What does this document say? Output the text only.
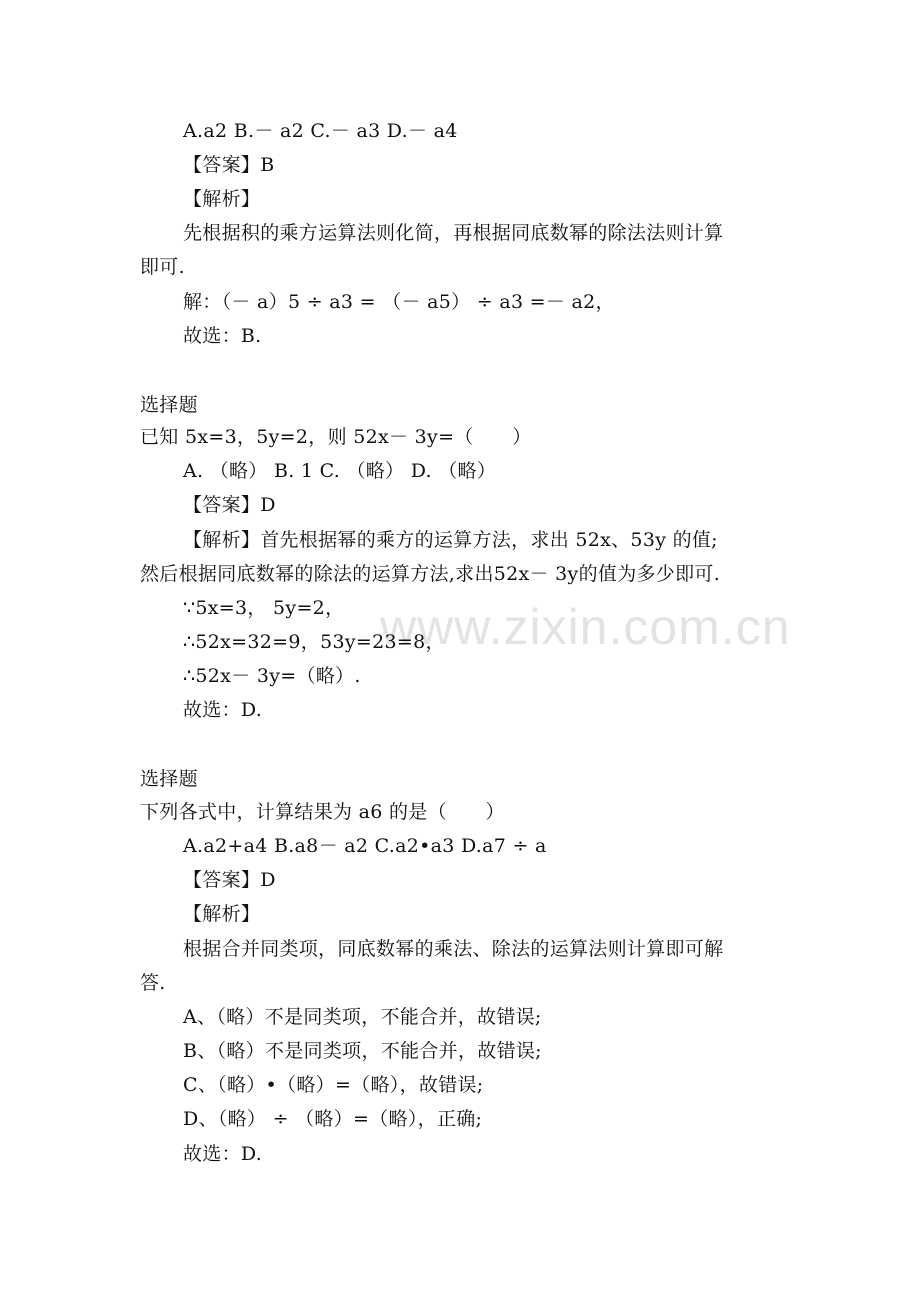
www.zixin.com.cn
A.a2 B.－ a2 C.－ a3 D.－ a4
【答案】B
【解析】
先根据积的乘方运算法则化简，再根据同底数幂的除法法则计算
即可.
解：（－ a）5 ÷ a3 = （－ a5） ÷ a3 =－ a2，
故选：B.
选择题
已知 5x=3，5y=2，则 52x－ 3y=（　　）
A. （略） B. 1 C. （略） D. （略）
【答案】D
【解析】首先根据幂的乘方的运算方法，求出 52x、53y 的值;
然后根据同底数幂的除法的运算方法,求出52x－ 3y的值为多少即可.
∵5x=3， 5y=2，
∴52x=32=9，53y=23=8，
∴52x－ 3y=（略）.
故选：D.
选择题
下列各式中，计算结果为 a6 的是（　　）
A.a2+a4 B.a8－ a2 C.a2•a3 D.a7 ÷ a
【答案】D
【解析】
根据合并同类项，同底数幂的乘法、除法的运算法则计算即可解
答.
A、（略）不是同类项，不能合并，故错误;
B、（略）不是同类项，不能合并，故错误;
C、（略）•（略）=（略），故错误;
D、（略） ÷ （略）=（略），正确;
故选：D.
